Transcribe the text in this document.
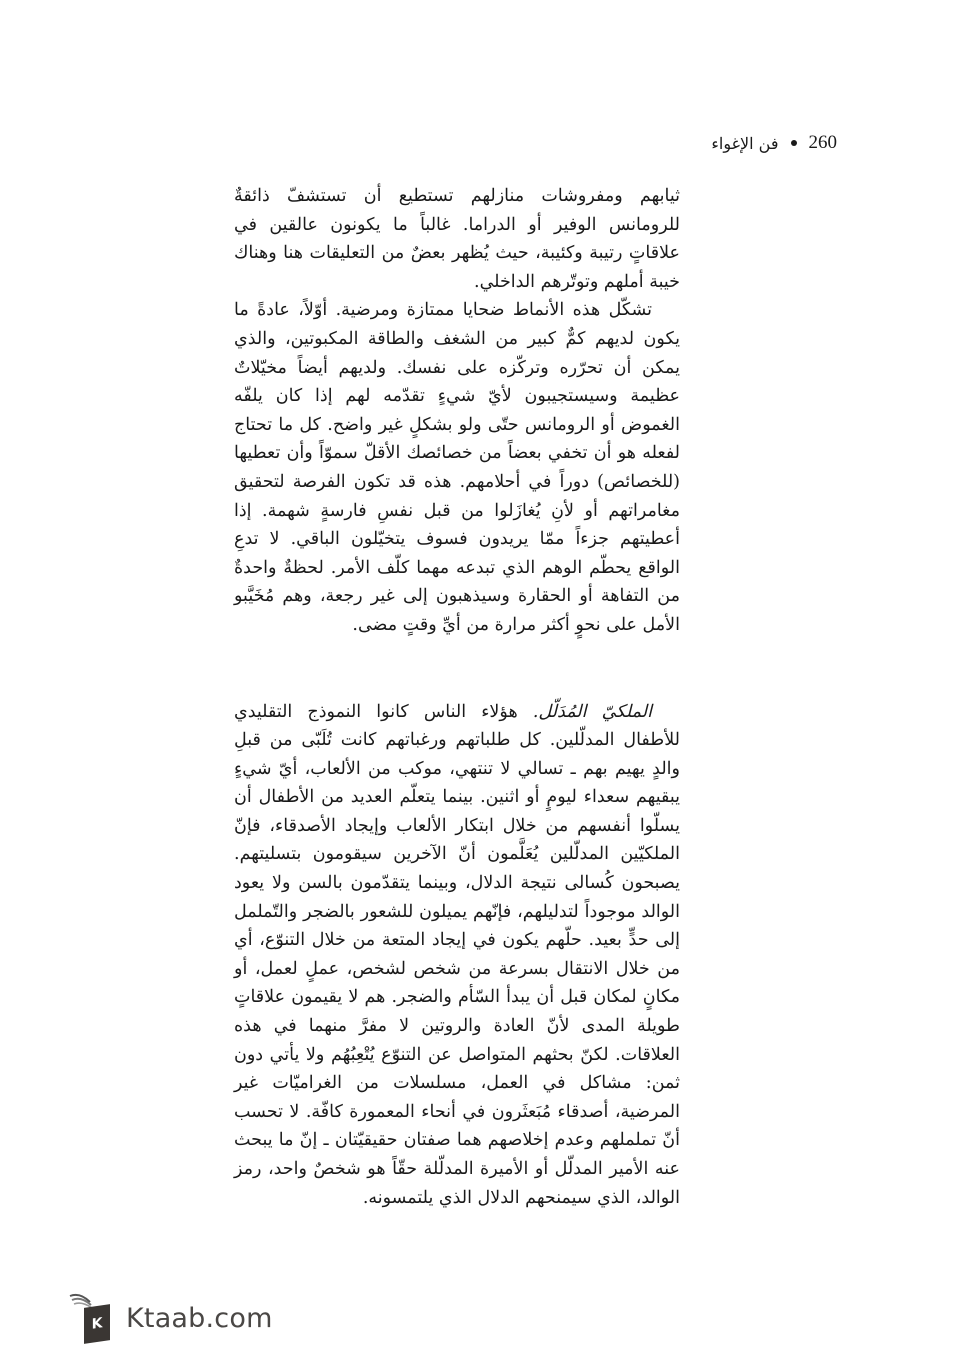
260
فن الإغواء

ثيابهم ومفروشات منازلهم تستطيع أن تستشفّ ذائقةٌ للرومانس الوفير أو الدراما. غالباً ما يكونون عالقين في علاقاتٍ رتيبة وكئيبة، حيث يُظهر بعضٌ من التعليقات هنا وهناك خيبة أملهم وتوتّرهم الداخلي.

تشكّل هذه الأنماط ضحايا ممتازة ومرضية. أوّلاً، عادةً ما يكون لديهم كمٌّ كبير من الشغف والطاقة المكبوتين، والذي يمكن أن تحرّره وتركّزه على نفسك. ولديهم أيضاً مخيّلاتٌ عظيمة وسيستجيبون لأيّ شيءٍ تقدّمه لهم إذا كان يلفّه الغموض أو الرومانس حتّى ولو بشكلٍ غير واضح. كل ما تحتاج لفعله هو أن تخفي بعضاً من خصائصك الأقلّ سموّاً وأن تعطيها (للخصائص) دوراً في أحلامهم. هذه قد تكون الفرصة لتحقيق مغامراتهم أو لأنِ يُغازَلوا من قبل نفسِ فارسةٍ شهمة. إذا أعطيتهم جزءاً ممّا يريدون فسوف يتخيّلون الباقي. لا تدعِ الواقع يحطّم الوهم الذي تبدعه مهما كلّف الأمر. لحظةٌ واحدةٌ من التفاهة أو الحقارة وسيذهبون إلى غير رجعة، وهم مُخَيَّبو الأمل على نحوٍ أكثر مرارة من أيِّ وقتٍ مضى.

الملكيّ المُدَلّل. هؤلاء الناس كانوا النموذج التقليدي للأطفال المدلّلين. كل طلباتهم ورغباتهم كانت تُلَبّى من قبلِ والدٍ يهيم بهم ـ تسالي لا تنتهي، موكب من الألعاب، أيّ شيءٍ يبقيهم سعداء ليومٍ أو اثنين. بينما يتعلّم العديد من الأطفال أن يسلّوا أنفسهم من خلال ابتكار الألعاب وإيجاد الأصدقاء، فإنّ الملكيّين المدلّلين يُعَلَّمون أنّ الآخرين سيقومون بتسليتهم. يصبحون كُسالى نتيجة الدلال، وبينما يتقدّمون بالسن ولا يعود الوالد موجوداً لتدليلهم، فإنّهم يميلون للشعور بالضجر والتّململ إلى حدٍّ بعيد. حلّهم يكون في إيجاد المتعة من خلال التنوّع، أي من خلال الانتقال بسرعة من شخص لشخص، عملٍ لعمل، أو مكانٍ لمكان قبل أن يبدأ السّأم والضجر. هم لا يقيمون علاقاتٍ طويلة المدى لأنّ العادة والروتين لا مفرَّ منهما في هذه العلاقات. لكنّ بحثهم المتواصل عن التنوّع يُتْعِبُهُم ولا يأتي دون ثمن: مشاكل في العمل، مسلسلات من الغراميّات غير المرضية، أصدقاء مُبَعثَرون في أنحاء المعمورة كافّة. لا تحسب أنّ تململهم وعدم إخلاصهم هما صفتان حقيقيّتان ـ إنّ ما يبحث عنه الأمير المدلّل أو الأميرة المدلّلة حقّاً هو شخصٌ واحد، رمز الوالد، الذي سيمنحهم الدلال الذي يلتمسونه.

K Ktaab.com
